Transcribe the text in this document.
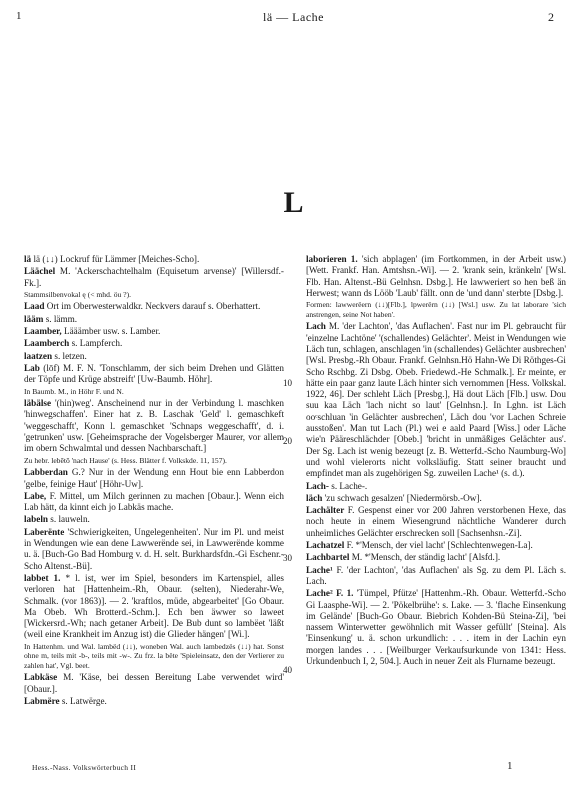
1	lä — Lache	2
L

lä lä (↓↓) Lockruf für Lämmer [Meiches-Scho].

Läächel M. 'Ackerschachtelhalm (Equisetum arvense)' [Willersdf.-Fk.].

Stammsilbenvokal ę (< mhd. öu ?).

Laad Ort im Oberwesterwaldkr. Neckvers darauf s. Oberhattert.

lääm s. lämm.

Laamber, Lääämber usw. s. Lamber.

Laamberch s. Lampferch.

laatzen s. letzen.

Lab (lōf) M. F. N. 'Tonschlamm, der sich beim Drehen und Glätten der Töpfe und Krüge abstreift' [Uw-Baumb. Höhr].

In Baumb. M., in Höhr F. und N.

läbälse '(hin)weg'. Anscheinend nur in der Verbindung l. maschken 'hinwegschaffen'. Einer hat z. B. Laschak 'Geld' l. gemaschkeft 'weggeschafft', Konn l. gemaschket 'Schnaps weggeschafft', d. i. 'getrunken' usw. [Geheimsprache der Vogelsberger Maurer, vor allem im obern Schwalmtal und dessen Nachbarschaft.]

Zu hebr. lebētō 'nach Hause' (s. Hess. Blätter f. Volkskde. 11, 157).

Labberdan G.? Nur in der Wendung enn Hout bie enn Labberdon 'gelbe, feinige Haut' [Höhr-Uw].

Labe, F. Mittel, um Milch gerinnen zu machen [Obaur.]. Wenn eich Lab hätt, da kinnt eich jo Labkäs mache.

labeln s. lauweln.

Laberënte 'Schwierigkeiten, Ungelegenheiten'. Nur im Pl. und meist in Wendungen wie ean dene Lawwerënde sei, in Lawwerënde komme u. ä. [Buch-Go Bad Homburg v. d. H. selt. Burkhardsfdn.-Gi Eschenr.-Scho Altenst.-Bü].

labbet 1. * l. ist, wer im Spiel, besonders im Kartenspiel, alles verloren hat [Hattenheim.-Rh, Obaur. (selten), Niederahr-We, Schmalk. (vor 1863)]. — 2. 'kraftlos, müde, abgearbeitet' [Go Obaur. Ma Obeb. Wh Brotterd.-Schm.]. Ech ben äwwer so laweet [Wickersrd.-Wh; nach getaner Arbeit]. De Bub dunt so lambëet 'läßt (weil eine Krankheit im Anzug ist) die Glieder hängen' [Wi.].

In Hattenhm. und Wal. lambëd (↓↓), woneben Wal. auch lambedzës (↓↓) hat. Sonst ohne m, teils mit -b-, teils mit -w-. Zu frz. la bëte 'Spieleinsatz, den der Verlierer zu zahlen hat', Vgl. beet.

Labkäse M. 'Käse, bei dessen Bereitung Labe verwendet wird' [Obaur.].

Labmëre s. Latwërge.

laborieren 1. 'sich abplagen' (im Fortkommen, in der Arbeit usw.) [Wett. Frankf. Han. Amtshsn.-Wi]. — 2. 'krank sein, kränkeln' [Wsl. Flb. Han. Altenst.-Bü Gelnhsn. Dsbg.]. He lawweriert so hen beß än Herwest; wann ds Lööb 'Laub' fällt. onn de 'und dann' sterbte [Dsbg.].

Formen: lawwerëern (↓↓)[Flb.], lpwerërn (↓↓) [Wsl.] usw. Zu lat laborare 'sich anstrengen, seine Not haben'.

Lach M. 'der Lachton', 'das Auflachen'. Fast nur im Pl. gebraucht für 'einzelne Lachtöne' '(schallendes) Gelächter'. Meist in Wendungen wie Läch tun, schlagen, anschlagen 'in (schallendes) Gelächter ausbrechen' [Wsl. Presbg.-Rh Obaur. Frankf. Gelnhsn.Hö Hahn-We Di Röthges-Gi Scho Rschbg. Zi Dsbg. Obeb. Friedewd.-He Schmalk.]. Er meinte, er hätte ein paar ganz laute Läch hinter sich vernommen [Hess. Volkskal. 1922, 46]. Der schleht Läch [Presbg.], Hä dout Läch [Flb.] usw. Dou suu kaa Läch 'lach nicht so laut' [Gelnhsn.]. In Lghn. ist Läch ooᶜschluan 'in Gelächter ausbrechen', Läch dou 'vor Lachen Schreie ausstoßen'. Man tut Lach (Pl.) wei e aald Paard [Wiss.] oder Läche wie'n Pääreschlächder [Obeb.] 'bricht in unmäßiges Gelächter aus'. Der Sg. Lach ist wenig bezeugt [z. B. Wetterfd.-Scho Naumburg-Wo] und wohl vielerorts nicht volksläufig. Statt seiner braucht und empfindet man als zugehörigen Sg. zuweilen Lache¹ (s. d.).

Lach- s. Lache-.

läch 'zu schwach gesalzen' [Niedermörsb.-Ow].

Lachälter F. Gespenst einer vor 200 Jahren verstorbenen Hexe, das noch heute in einem Wiesengrund nächtliche Wanderer durch unheimliches Gelächter erschrecken soll [Sachsenhsn.-Zi].

Lachatzel F. *'Mensch, der viel lacht' [Schlechtenwegen-La].

Lachbartel M. *'Mensch, der ständig lacht' [Alsfd.].

Lache¹ F. 'der Lachton', 'das Auflachen' als Sg. zu dem Pl. Läch s. Lach.

Lache² F. 1. 'Tümpel, Pfütze' [Hattenhm.-Rh. Obaur. Wetterfd.-Scho Gi Laasphe-Wi]. — 2. 'Pökelbrühe': s. Lake. — 3. 'flache Einsenkung im Gelände' [Buch-Go Obaur. Biebrich Kohden-Bü Steina-Zi], 'bei nassem Winterwetter gewöhnlich mit Wasser gefüllt' [Steina]. Als 'Einsenkung' u. ä. schon urkundlich: . . . item in der Lachin eyn morgen landes . . . [Weilburger Verkaufsurkunde von 1341: Hess. Urkundenbuch I, 2, 504.]. Auch in neuer Zeit als Flurname bezeugt.

10
20
30
40
Hess.-Nass. Volkswörterbuch II	1
